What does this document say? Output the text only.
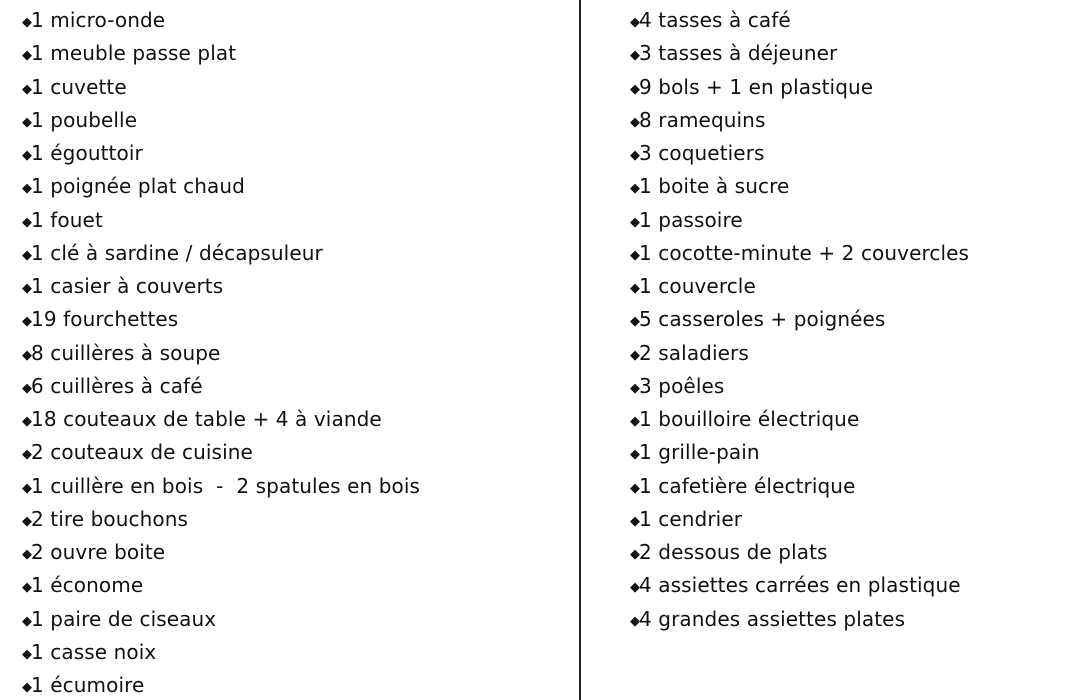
◆1 micro-onde
◆1 meuble passe plat
◆1 cuvette
◆1 poubelle
◆1 égouttoir
◆1 poignée plat chaud
◆1 fouet
◆1 clé à sardine / décapsuleur
◆1 casier à couverts
◆19 fourchettes
◆8 cuillères à soupe
◆6 cuillères à café
◆18 couteaux de table + 4 à viande
◆2 couteaux de cuisine
◆1 cuillère en bois  -  2 spatules en bois
◆2 tire bouchons
◆2 ouvre boite
◆1 économe
◆1 paire de ciseaux
◆1 casse noix
◆1 écumoire
◆4 tasses à café
◆3 tasses à déjeuner
◆9 bols + 1 en plastique
◆8 ramequins
◆3 coquetiers
◆1 boite à sucre
◆1 passoire
◆1 cocotte-minute + 2 couvercles
◆1 couvercle
◆5 casseroles + poignées
◆2 saladiers
◆3 poêles
◆1 bouilloire électrique
◆1 grille-pain
◆1 cafetière électrique
◆1 cendrier
◆2 dessous de plats
◆4 assiettes carrées en plastique
◆4 grandes assiettes plates
